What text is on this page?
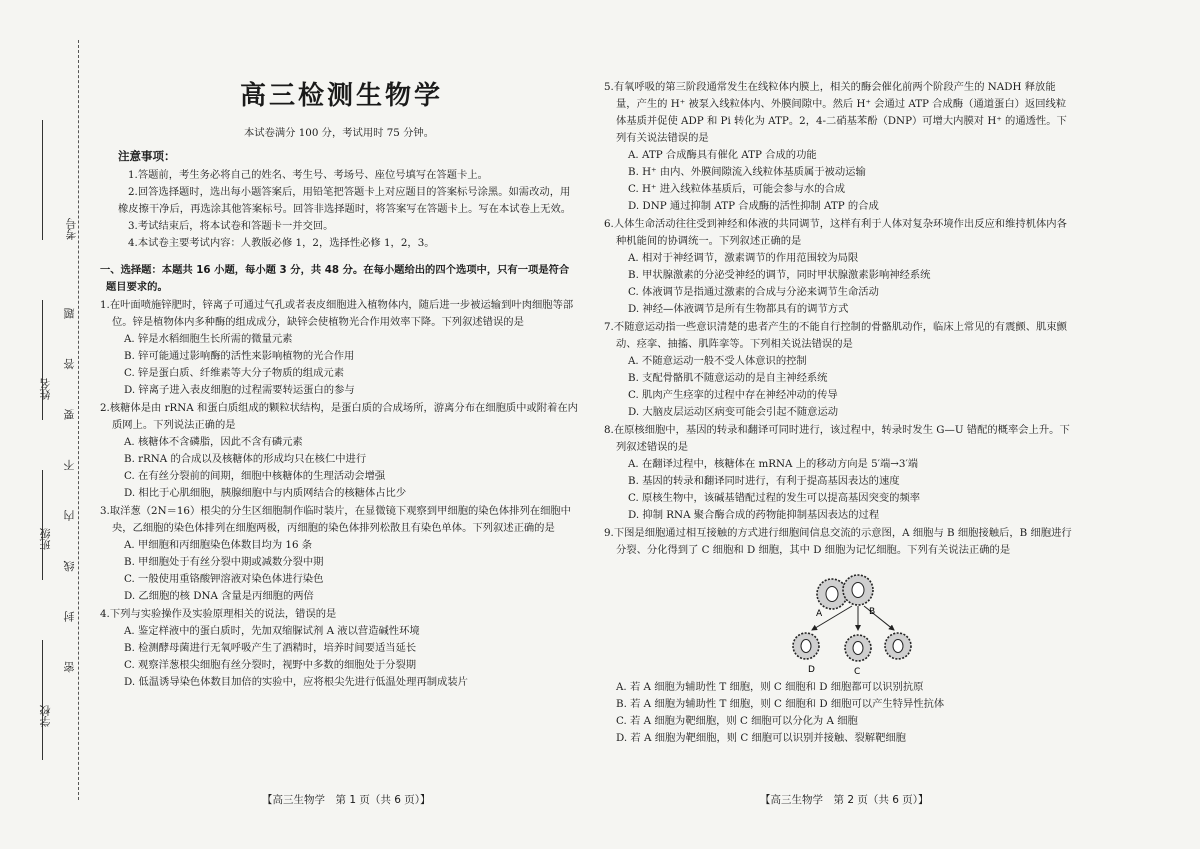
考号
姓名
班级
学校
密 封 线 内 不 要 答 题
高三检测生物学
本试卷满分 100 分，考试用时 75 分钟。
注意事项：
1.答题前，考生务必将自己的姓名、考生号、考场号、座位号填写在答题卡上。
2.回答选择题时，选出每小题答案后，用铅笔把答题卡上对应题目的答案标号涂黑。如需改动，用橡皮擦干净后，再选涂其他答案标号。回答非选择题时，将答案写在答题卡上。写在本试卷上无效。
3.考试结束后，将本试卷和答题卡一并交回。
4.本试卷主要考试内容：人教版必修 1，2，选择性必修 1，2，3。
一、选择题：本题共 16 小题，每小题 3 分，共 48 分。在每小题给出的四个选项中，只有一项是符合题目要求的。
1.在叶面喷施锌肥时，锌离子可通过气孔或者表皮细胞进入植物体内，随后进一步被运输到叶肉细胞等部位。锌是植物体内多种酶的组成成分，缺锌会使植物光合作用效率下降。下列叙述错误的是
A. 锌是水稻细胞生长所需的微量元素
B. 锌可能通过影响酶的活性来影响植物的光合作用
C. 锌是蛋白质、纤维素等大分子物质的组成元素
D. 锌离子进入表皮细胞的过程需要转运蛋白的参与
2.核糖体是由 rRNA 和蛋白质组成的颗粒状结构，是蛋白质的合成场所，游离分布在细胞质中或附着在内质网上。下列说法正确的是
A. 核糖体不含磷脂，因此不含有磷元素
B. rRNA 的合成以及核糖体的形成均只在核仁中进行
C. 在有丝分裂前的间期，细胞中核糖体的生理活动会增强
D. 相比于心肌细胞，胰腺细胞中与内质网结合的核糖体占比少
3.取洋葱（2N＝16）根尖的分生区细胞制作临时装片，在显微镜下观察到甲细胞的染色体排列在细胞中央，乙细胞的染色体排列在细胞两极，丙细胞的染色体排列松散且有染色单体。下列叙述正确的是
A. 甲细胞和丙细胞染色体数目均为 16 条
B. 甲细胞处于有丝分裂中期或减数分裂中期
C. 一般使用重铬酸钾溶液对染色体进行染色
D. 乙细胞的核 DNA 含量是丙细胞的两倍
4.下列与实验操作及实验原理相关的说法，错误的是
A. 鉴定样液中的蛋白质时，先加双缩脲试剂 A 液以营造碱性环境
B. 检测酵母菌进行无氧呼吸产生了酒精时，培养时间要适当延长
C. 观察洋葱根尖细胞有丝分裂时，视野中多数的细胞处于分裂期
D. 低温诱导染色体数目加倍的实验中，应将根尖先进行低温处理再制成装片
【高三生物学　第 1 页（共 6 页）】
5.有氧呼吸的第三阶段通常发生在线粒体内膜上，相关的酶会催化前两个阶段产生的 NADH 释放能量，产生的 H⁺ 被泵入线粒体内、外膜间隙中。然后 H⁺ 会通过 ATP 合成酶（通道蛋白）返回线粒体基质并促使 ADP 和 Pi 转化为 ATP。2，4-二硝基苯酚（DNP）可增大内膜对 H⁺ 的通透性。下列有关说法错误的是
A. ATP 合成酶具有催化 ATP 合成的功能
B. H⁺ 由内、外膜间隙流入线粒体基质属于被动运输
C. H⁺ 进入线粒体基质后，可能会参与水的合成
D. DNP 通过抑制 ATP 合成酶的活性抑制 ATP 的合成
6.人体生命活动往往受到神经和体液的共同调节，这样有利于人体对复杂环境作出反应和维持机体内各种机能间的协调统一。下列叙述正确的是
A. 相对于神经调节，激素调节的作用范围较为局限
B. 甲状腺激素的分泌受神经的调节，同时甲状腺激素影响神经系统
C. 体液调节是指通过激素的合成与分泌来调节生命活动
D. 神经—体液调节是所有生物都具有的调节方式
7.不随意运动指一些意识清楚的患者产生的不能自行控制的骨骼肌动作，临床上常见的有震颤、肌束颤动、痉挛、抽搐、肌阵挛等。下列相关说法错误的是
A. 不随意运动一般不受人体意识的控制
B. 支配骨骼肌不随意运动的是自主神经系统
C. 肌肉产生痉挛的过程中存在神经冲动的传导
D. 大脑皮层运动区病变可能会引起不随意运动
8.在原核细胞中，基因的转录和翻译可同时进行，该过程中，转录时发生 G—U 错配的概率会上升。下列叙述错误的是
A. 在翻译过程中，核糖体在 mRNA 上的移动方向是 5′端→3′端
B. 基因的转录和翻译同时进行，有利于提高基因表达的速度
C. 原核生物中，该碱基错配过程的发生可以提高基因突变的频率
D. 抑制 RNA 聚合酶合成的药物能抑制基因表达的过程
9.下图是细胞通过相互接触的方式进行细胞间信息交流的示意图，A 细胞与 B 细胞接触后，B 细胞进行分裂、分化得到了 C 细胞和 D 细胞，其中 D 细胞为记忆细胞。下列有关说法正确的是
A. 若 A 细胞为辅助性 T 细胞，则 C 细胞和 D 细胞都可以识别抗原
B. 若 A 细胞为辅助性 T 细胞，则 C 细胞和 D 细胞可以产生特异性抗体
C. 若 A 细胞为靶细胞，则 C 细胞可以分化为 A 细胞
D. 若 A 细胞为靶细胞，则 C 细胞可以识别并接触、裂解靶细胞
A	B
D	C
【高三生物学　第 2 页（共 6 页）】
